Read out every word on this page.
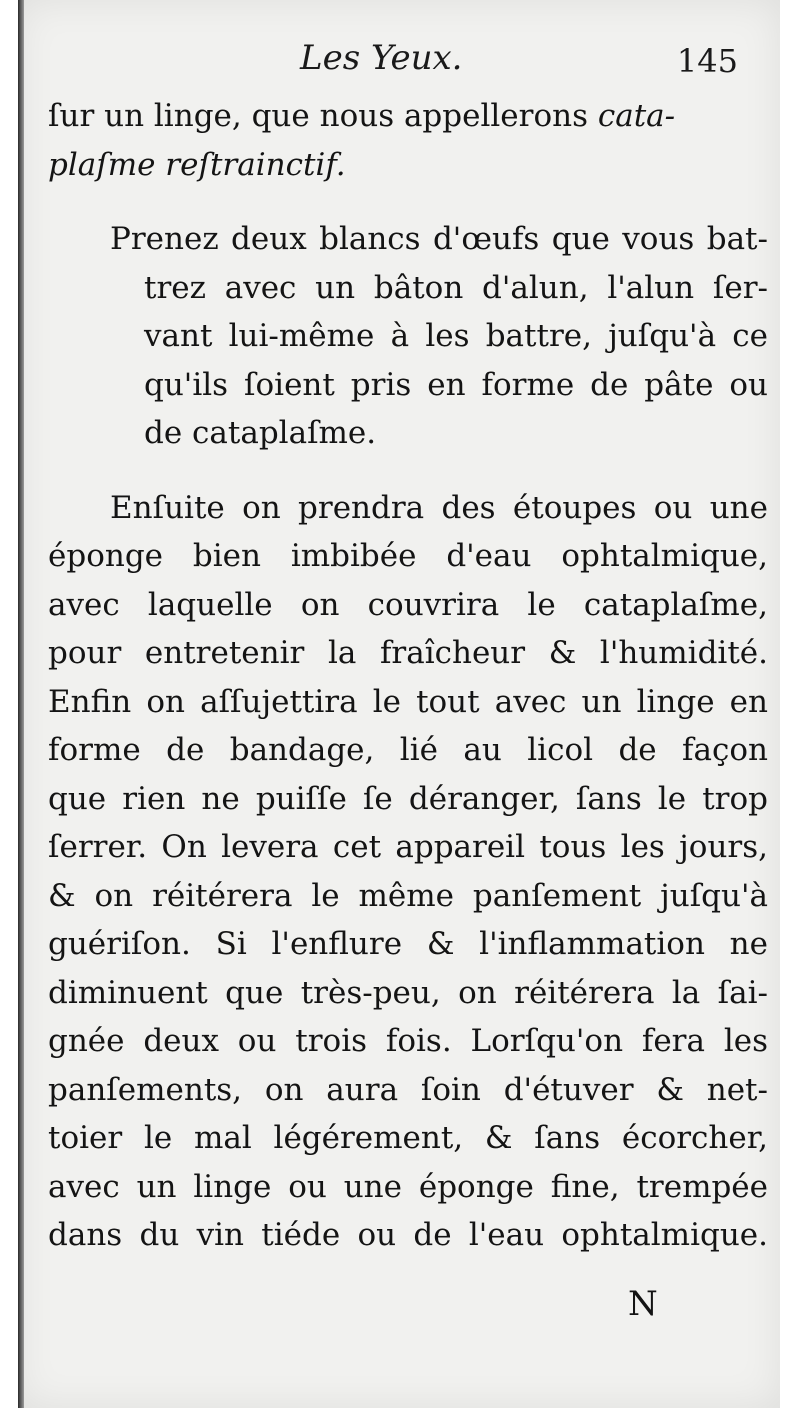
Les Yeux.	145
ſur un linge, que nous appellerons cata-
plaſme reſtrainctif.
Prenez deux blancs d'œufs que vous bat-
trez avec un bâton d'alun, l'alun ſer-
vant lui-même à les battre, juſqu'à ce
qu'ils ſoient pris en forme de pâte ou
de cataplaſme.
Enſuite on prendra des étoupes ou une
éponge bien imbibée d'eau ophtalmique,
avec laquelle on couvrira le cataplaſme,
pour entretenir la fraîcheur & l'humidité.
Enfin on aſſujettira le tout avec un linge en
forme de bandage, lié au licol de façon
que rien ne puiſſe ſe déranger, ſans le trop
ſerrer. On levera cet appareil tous les jours,
& on réitérera le même panſement juſqu'à
guériſon. Si l'enflure & l'inflammation ne
diminuent que très-peu, on réitérera la ſai-
gnée deux ou trois fois. Lorſqu'on fera les
panſements, on aura ſoin d'étuver & net-
toier le mal légérement, & ſans écorcher,
avec un linge ou une éponge fine, trempée
dans du vin tiéde ou de l'eau ophtalmique.
N
